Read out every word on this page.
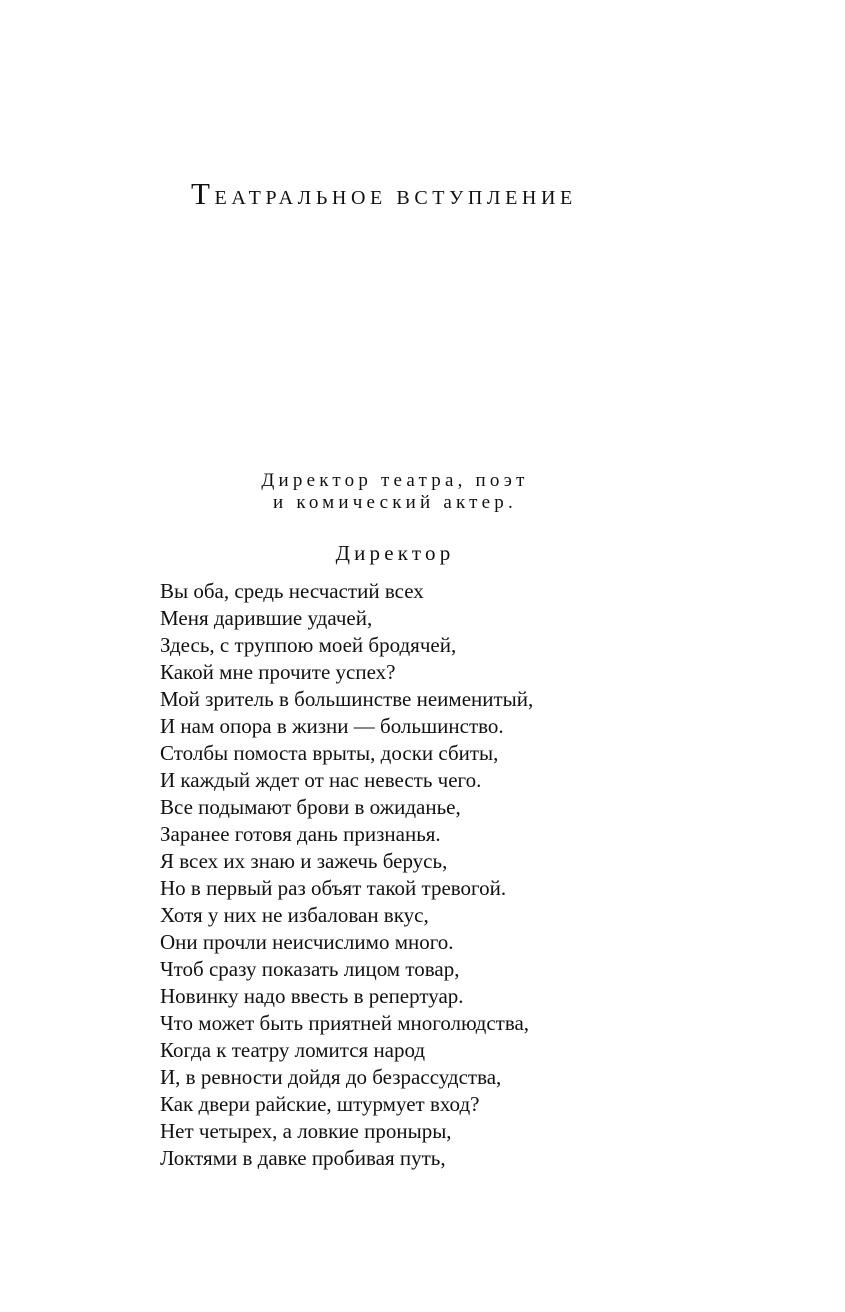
ТЕАТРАЛЬНОЕ ВСТУПЛЕНИЕ
Директор театра, поэт
и комический актер.
Директор
Вы оба, средь несчастий всех
Меня дарившие удачей,
Здесь, с труппою моей бродячей,
Какой мне прочите успех?
Мой зритель в большинстве неименитый,
И нам опора в жизни — большинство.
Столбы помоста врыты, доски сбиты,
И каждый ждет от нас невесть чего.
Все подымают брови в ожиданье,
Заранее готовя дань признанья.
Я всех их знаю и зажечь берусь,
Но в первый раз объят такой тревогой.
Хотя у них не избалован вкус,
Они прочли неисчислимо много.
Чтоб сразу показать лицом товар,
Новинку надо ввесть в репертуар.
Что может быть приятней многолюдства,
Когда к театру ломится народ
И, в ревности дойдя до безрассудства,
Как двери райские, штурмует вход?
Нет четырех, а ловкие проныры,
Локтями в давке пробивая путь,
